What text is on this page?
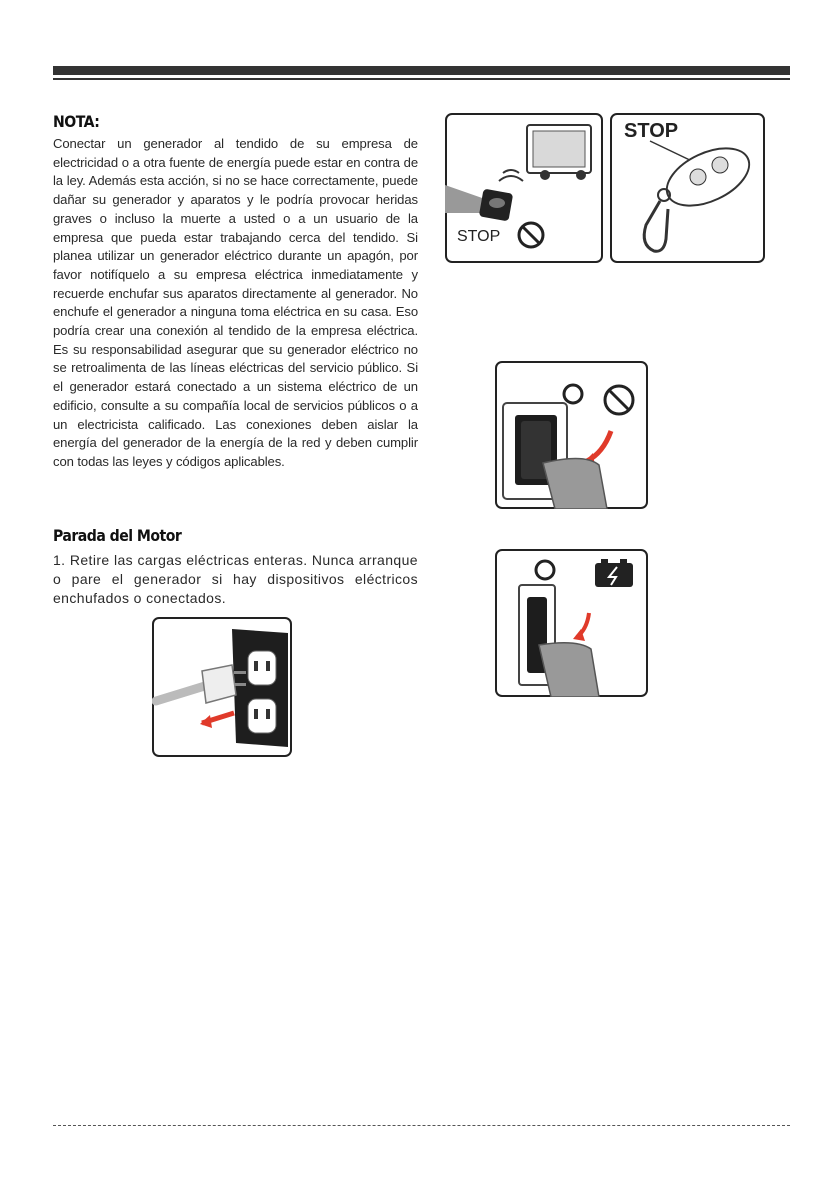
NOTA:
Conectar un generador al tendido de su empresa de electricidad o a otra fuente de energía puede estar en contra de la ley. Además esta acción, si no se hace correctamente, puede dañar su generador y aparatos y le podría provocar heridas graves o incluso la muerte a usted o a un usuario de la empresa que pueda estar trabajando cerca del tendido. Si planea utilizar un generador eléctrico durante un apagón, por favor notifíquelo a su empresa eléctrica inmediatamente y recuerde enchufar sus aparatos directamente al generador. No enchufe el generador a ninguna toma eléctrica en su casa. Eso podría crear una conexión al tendido de la empresa eléctrica. Es su responsabilidad asegurar que su generador eléctrico no se retroalimenta de las líneas eléctricas del servicio público. Si el generador estará conectado a un sistema eléctrico de un edificio, consulte a su compañía local de servicios públicos o a un electricista calificado. Las conexiones deben aislar la energía del generador de la energía de la red y deben cumplir con todas las leyes y códigos aplicables.
Parada del Motor
1. Retire las cargas eléctricas enteras. Nunca arranque o pare el generador si hay dispositivos eléctricos enchufados o conectados.
STOP
STOP
